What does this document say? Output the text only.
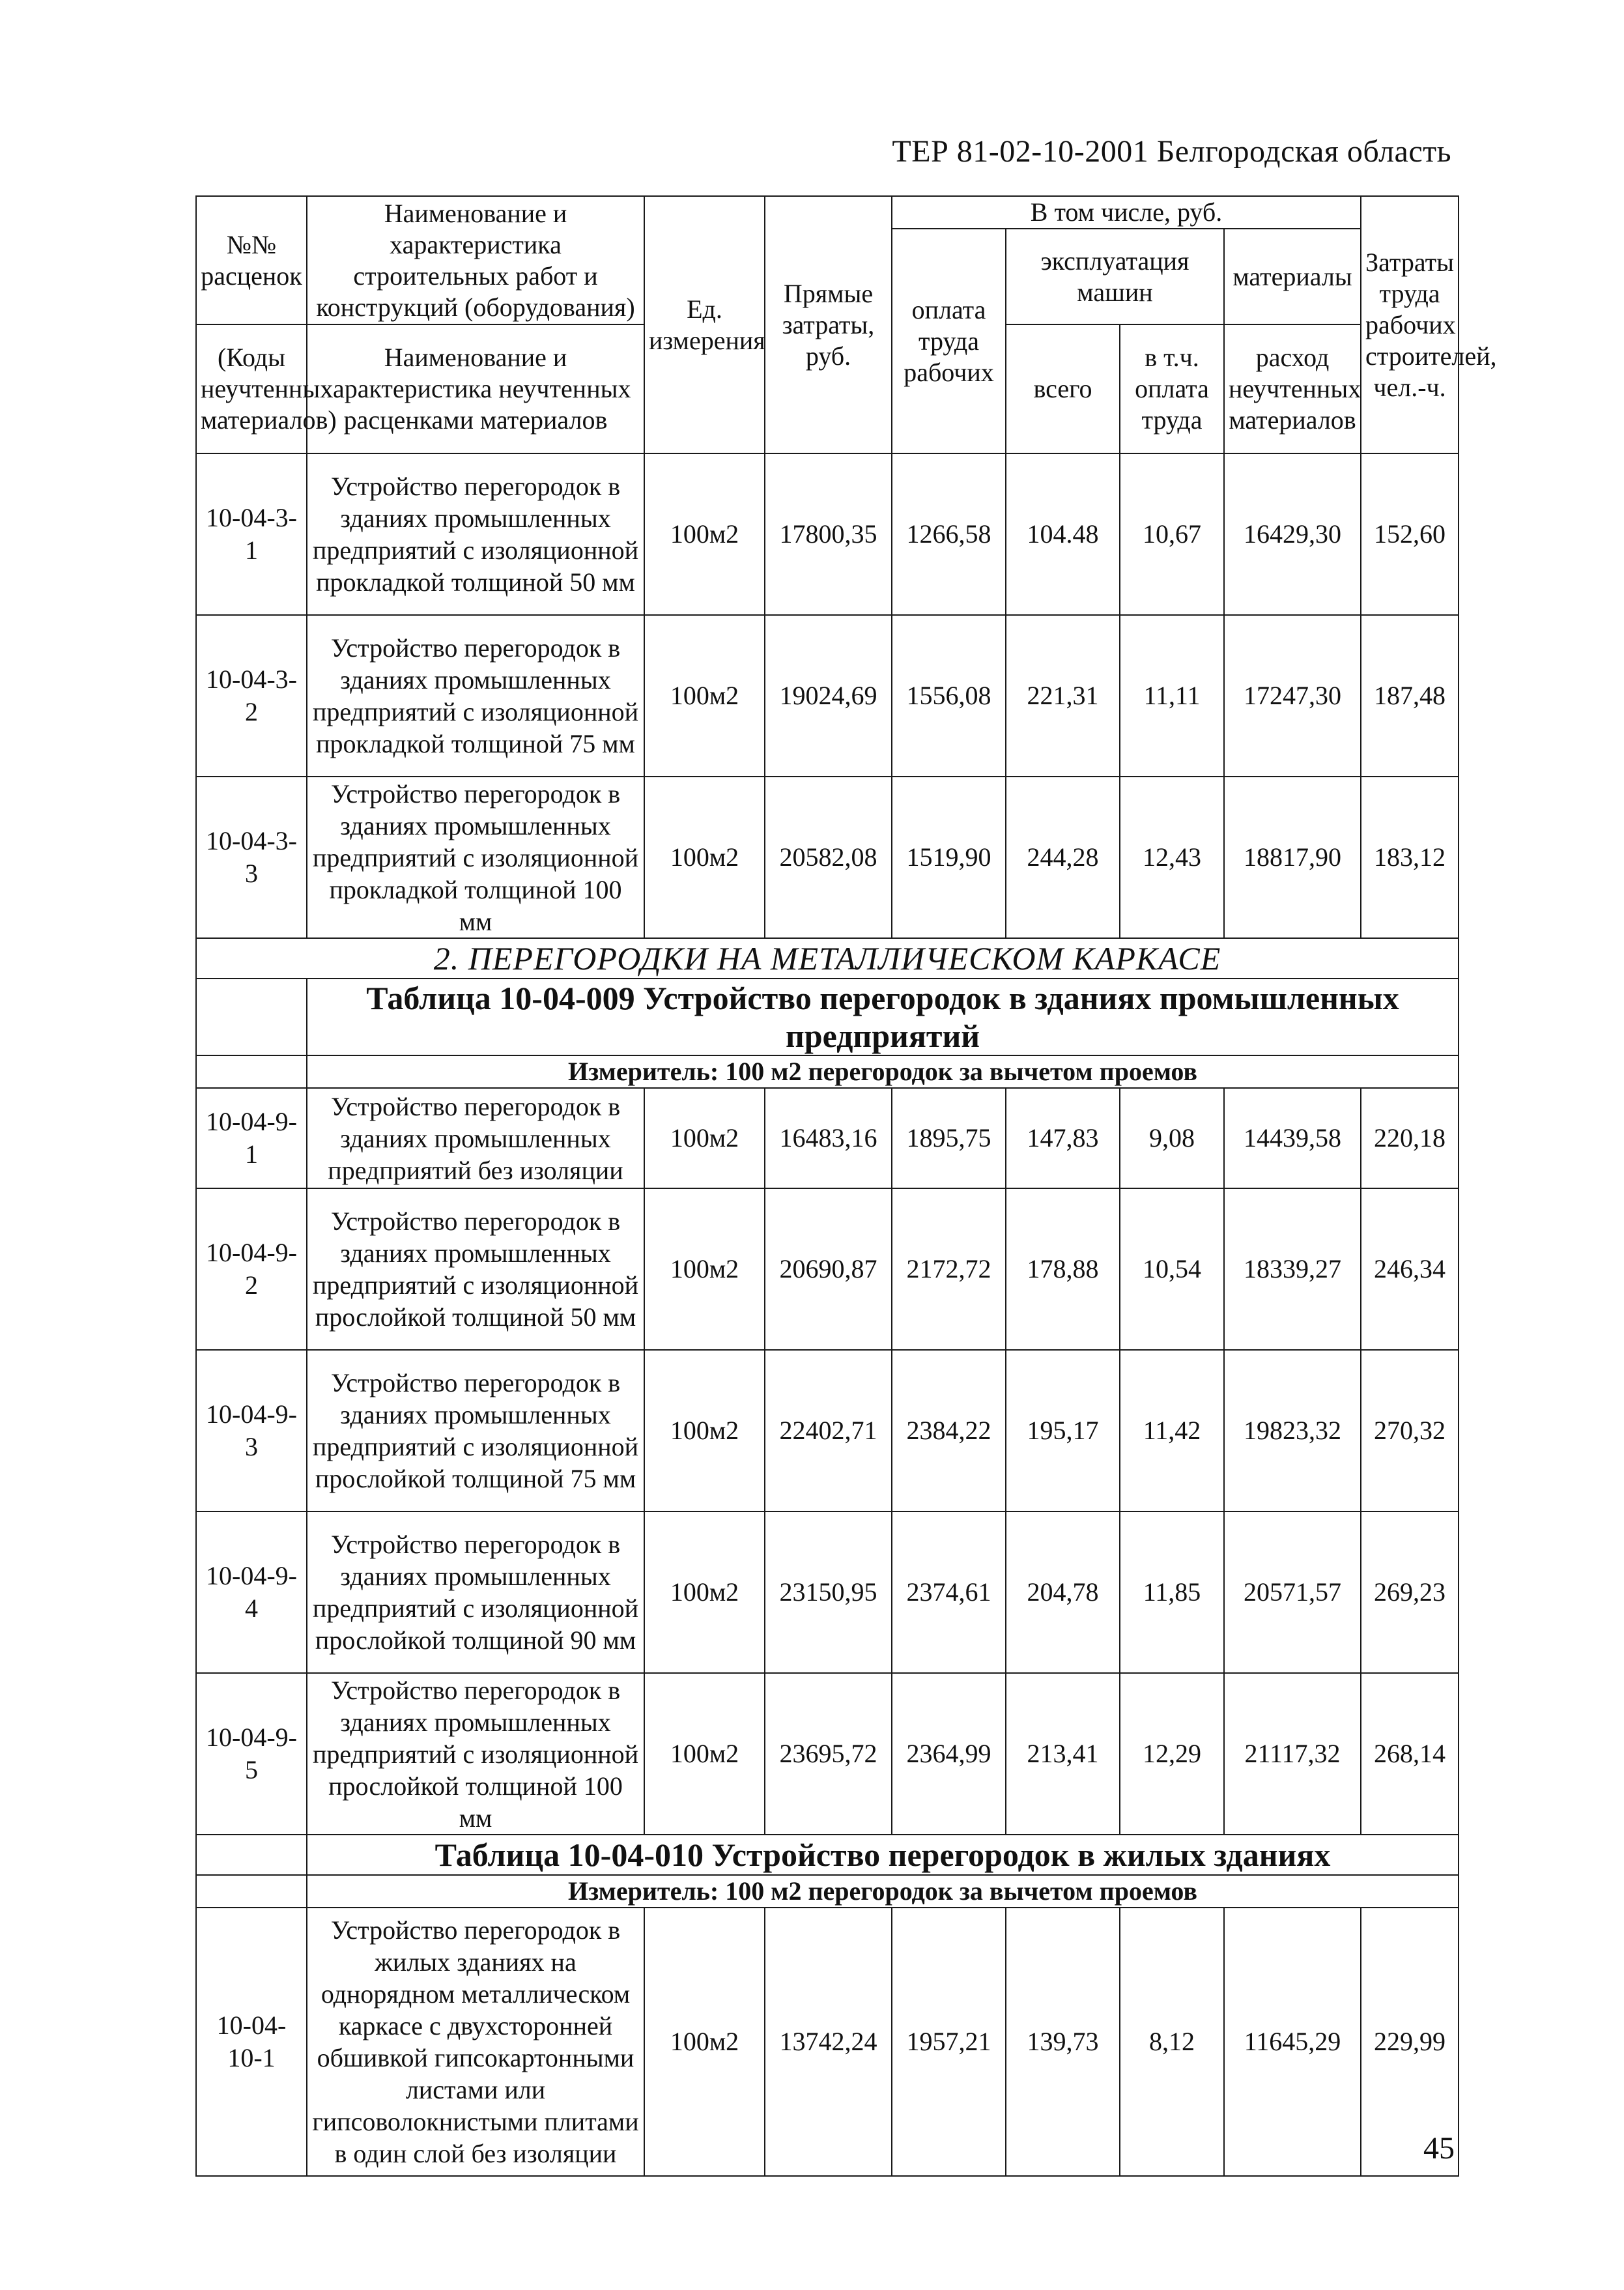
ТЕР 81-02-10-2001 Белгородская область
№№ расценок	Наименование и характеристика строительных работ и конструкций (оборудования)	Ед. измерения	Прямые затраты, руб.	В том числе, руб.				Затраты труда рабочих строителей, чел.-ч.
				оплата труда рабочих	эксплуатация машин		материалы	
(Коды неучтенных материалов)	Наименование и характеристика неучтенных расценками материалов				всего	в т.ч. оплата труда	расход неучтенных материалов	

10-04-3-1	Устройство перегородок в зданиях промышленных предприятий с изоляционной прокладкой толщиной 50 мм	100м2	17800,35	1266,58	104.48	10,67	16429,30	152,60
10-04-3-2	Устройство перегородок в зданиях промышленных предприятий с изоляционной прокладкой толщиной 75 мм	100м2	19024,69	1556,08	221,31	11,11	17247,30	187,48
10-04-3-3	Устройство перегородок в зданиях промышленных предприятий с изоляционной прокладкой толщиной 100 мм	100м2	20582,08	1519,90	244,28	12,43	18817,90	183,12
2. ПЕРЕГОРОДКИ НА МЕТАЛЛИЧЕСКОМ КАРКАСЕ								
	Таблица 10-04-009 Устройство перегородок в зданиях промышленных предприятий							
	Измеритель: 100 м2 перегородок за вычетом проемов							
10-04-9-1	Устройство перегородок в зданиях промышленных предприятий без изоляции	100м2	16483,16	1895,75	147,83	9,08	14439,58	220,18
10-04-9-2	Устройство перегородок в зданиях промышленных предприятий с изоляционной прослойкой толщиной 50 мм	100м2	20690,87	2172,72	178,88	10,54	18339,27	246,34
10-04-9-3	Устройство перегородок в зданиях промышленных предприятий с изоляционной прослойкой толщиной 75 мм	100м2	22402,71	2384,22	195,17	11,42	19823,32	270,32
10-04-9-4	Устройство перегородок в зданиях промышленных предприятий с изоляционной прослойкой толщиной 90 мм	100м2	23150,95	2374,61	204,78	11,85	20571,57	269,23
10-04-9-5	Устройство перегородок в зданиях промышленных предприятий с изоляционной прослойкой толщиной 100 мм	100м2	23695,72	2364,99	213,41	12,29	21117,32	268,14
	Таблица 10-04-010 Устройство перегородок в жилых зданиях							
	Измеритель: 100 м2 перегородок за вычетом проемов							
10-04-10-1	Устройство перегородок в жилых зданиях на однорядном металлическом каркасе с двухсторонней обшивкой гипсокартонными листами или гипсоволокнистыми плитами в один слой без изоляции	100м2	13742,24	1957,21	139,73	8,12	11645,29	229,99
45
